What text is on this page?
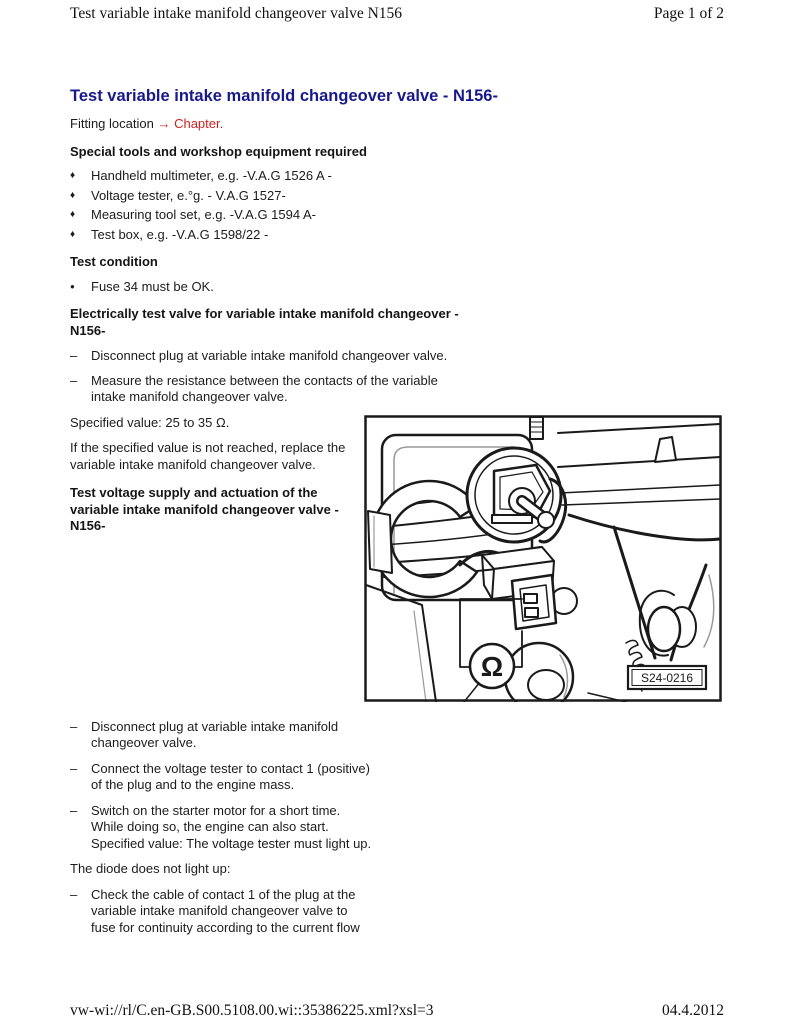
Test variable intake manifold changeover valve N156	Page 1 of 2
Test variable intake manifold changeover valve - N156-

Fitting location → Chapter.

Special tools and workshop equipment required
♦	Handheld multimeter, e.g. -V.A.G 1526 A -
♦	Voltage tester, e.°g. - V.A.G 1527-
♦	Measuring tool set, e.g. -V.A.G 1594 A-
♦	Test box, e.g. -V.A.G 1598/22 -
Test condition
●	Fuse 34 must be OK.
Electrically test valve for variable intake manifold changeover - N156-
–	Disconnect plug at variable intake manifold changeover valve.
–	Measure the resistance between the contacts of the variable intake manifold changeover valve.

Specified value: 25 to 35 Ω.

If the specified value is not reached, replace the variable intake manifold changeover valve.

Test voltage supply and actuation of the variable intake manifold changeover valve - N156-
Ω	S24-0216
–	Disconnect plug at variable intake manifold changeover valve.
–	Connect the voltage tester to contact 1 (positive) of the plug and to the engine mass.
–	Switch on the starter motor for a short time. While doing so, the engine can also start. Specified value: The voltage tester must light up.

The diode does not light up:

–	Check the cable of contact 1 of the plug at the variable intake manifold changeover valve to fuse for continuity according to the current flow
vw-wi://rl/C.en-GB.S00.5108.00.wi::35386225.xml?xsl=3	04.4.2012
